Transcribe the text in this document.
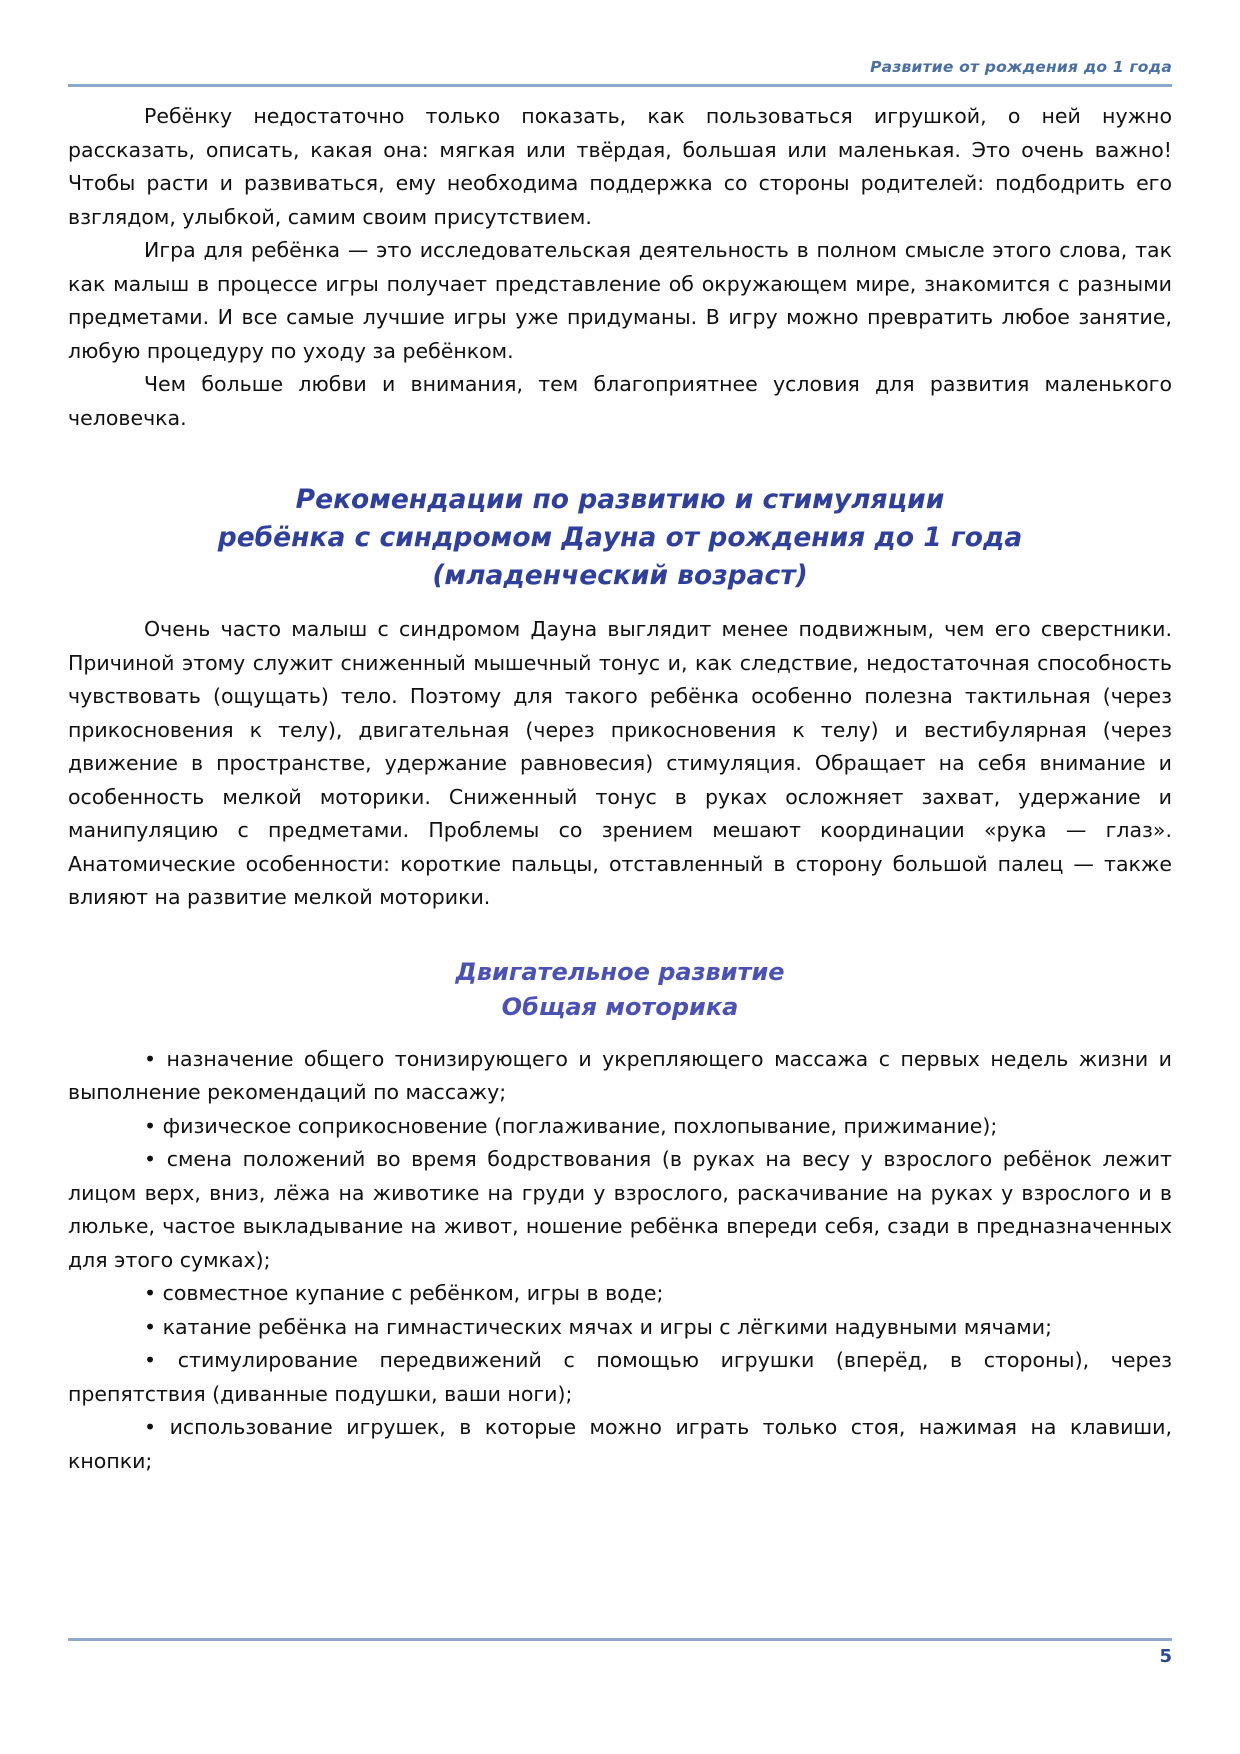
Развитие от рождения до 1 года

Ребёнку недостаточно только показать, как пользоваться игрушкой, о ней нужно рассказать, описать, какая она: мягкая или твёрдая, большая или маленькая. Это очень важно! Чтобы расти и развиваться, ему необходима поддержка со стороны родителей: подбодрить его взглядом, улыбкой, самим своим присутствием.

Игра для ребёнка — это исследовательская деятельность в полном смысле этого слова, так как малыш в процессе игры получает представление об окружающем мире, знакомится с разными предметами. И все самые лучшие игры уже придуманы. В игру можно превратить любое занятие, любую процедуру по уходу за ребёнком.

Чем больше любви и внимания, тем благоприятнее условия для развития маленького человечка.

Рекомендации по развитию и стимуляции
ребёнка с синдромом Дауна от рождения до 1 года
(младенческий возраст)

Очень часто малыш с синдромом Дауна выглядит менее подвижным, чем его сверстники. Причиной этому служит сниженный мышечный тонус и, как следствие, недостаточная способность чувствовать (ощущать) тело. Поэтому для такого ребёнка особенно полезна тактильная (через прикосновения к телу), двигательная (через прикосновения к телу) и вестибулярная (через движение в пространстве, удержание равновесия) стимуляция. Обращает на себя внимание и особенность мелкой моторики. Сниженный тонус в руках осложняет захват, удержание и манипуляцию с предметами. Проблемы со зрением мешают координации «рука — глаз». Анатомические особенности: короткие пальцы, отставленный в сторону большой палец — также влияют на развитие мелкой моторики.

Двигательное развитие
Общая моторика

• назначение общего тонизирующего и укрепляющего массажа с первых недель жизни и выполнение рекомендаций по массажу;

• физическое соприкосновение (поглаживание, похлопывание, прижимание);

• смена положений во время бодрствования (в руках на весу у взрослого ребёнок лежит лицом верх, вниз, лёжа на животике на груди у взрослого, раскачивание на руках у взрослого и в люльке, частое выкладывание на живот, ношение ребёнка впереди себя, сзади в предназначенных для этого сумках);

• совместное купание с ребёнком, игры в воде;

• катание ребёнка на гимнастических мячах и игры с лёгкими надувными мячами;

• стимулирование передвижений с помощью игрушки (вперёд, в стороны), через препятствия (диванные подушки, ваши ноги);

• использование игрушек, в которые можно играть только стоя, нажимая на клавиши, кнопки;

5
